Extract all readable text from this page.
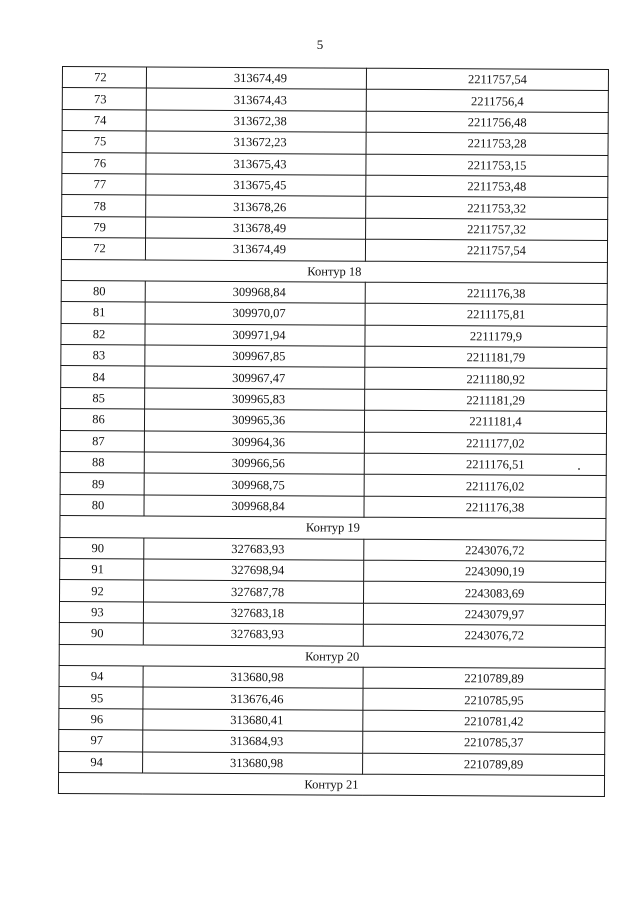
5
72	313674,49	2211757,54
73	313674,43	2211756,4
74	313672,38	2211756,48
75	313672,23	2211753,28
76	313675,43	2211753,15
77	313675,45	2211753,48
78	313678,26	2211753,32
79	313678,49	2211757,32
72	313674,49	2211757,54
Контур 18		
80	309968,84	2211176,38
81	309970,07	2211175,81
82	309971,94	2211179,9
83	309967,85	2211181,79
84	309967,47	2211180,92
85	309965,83	2211181,29
86	309965,36	2211181,4
87	309964,36	2211177,02
88	309966,56	2211176,51
89	309968,75	2211176,02
80	309968,84	2211176,38
Контур 19		
90	327683,93	2243076,72
91	327698,94	2243090,19
92	327687,78	2243083,69
93	327683,18	2243079,97
90	327683,93	2243076,72
Контур 20		
94	313680,98	2210789,89
95	313676,46	2210785,95
96	313680,41	2210781,42
97	313684,93	2210785,37
94	313680,98	2210789,89
Контур 21		
